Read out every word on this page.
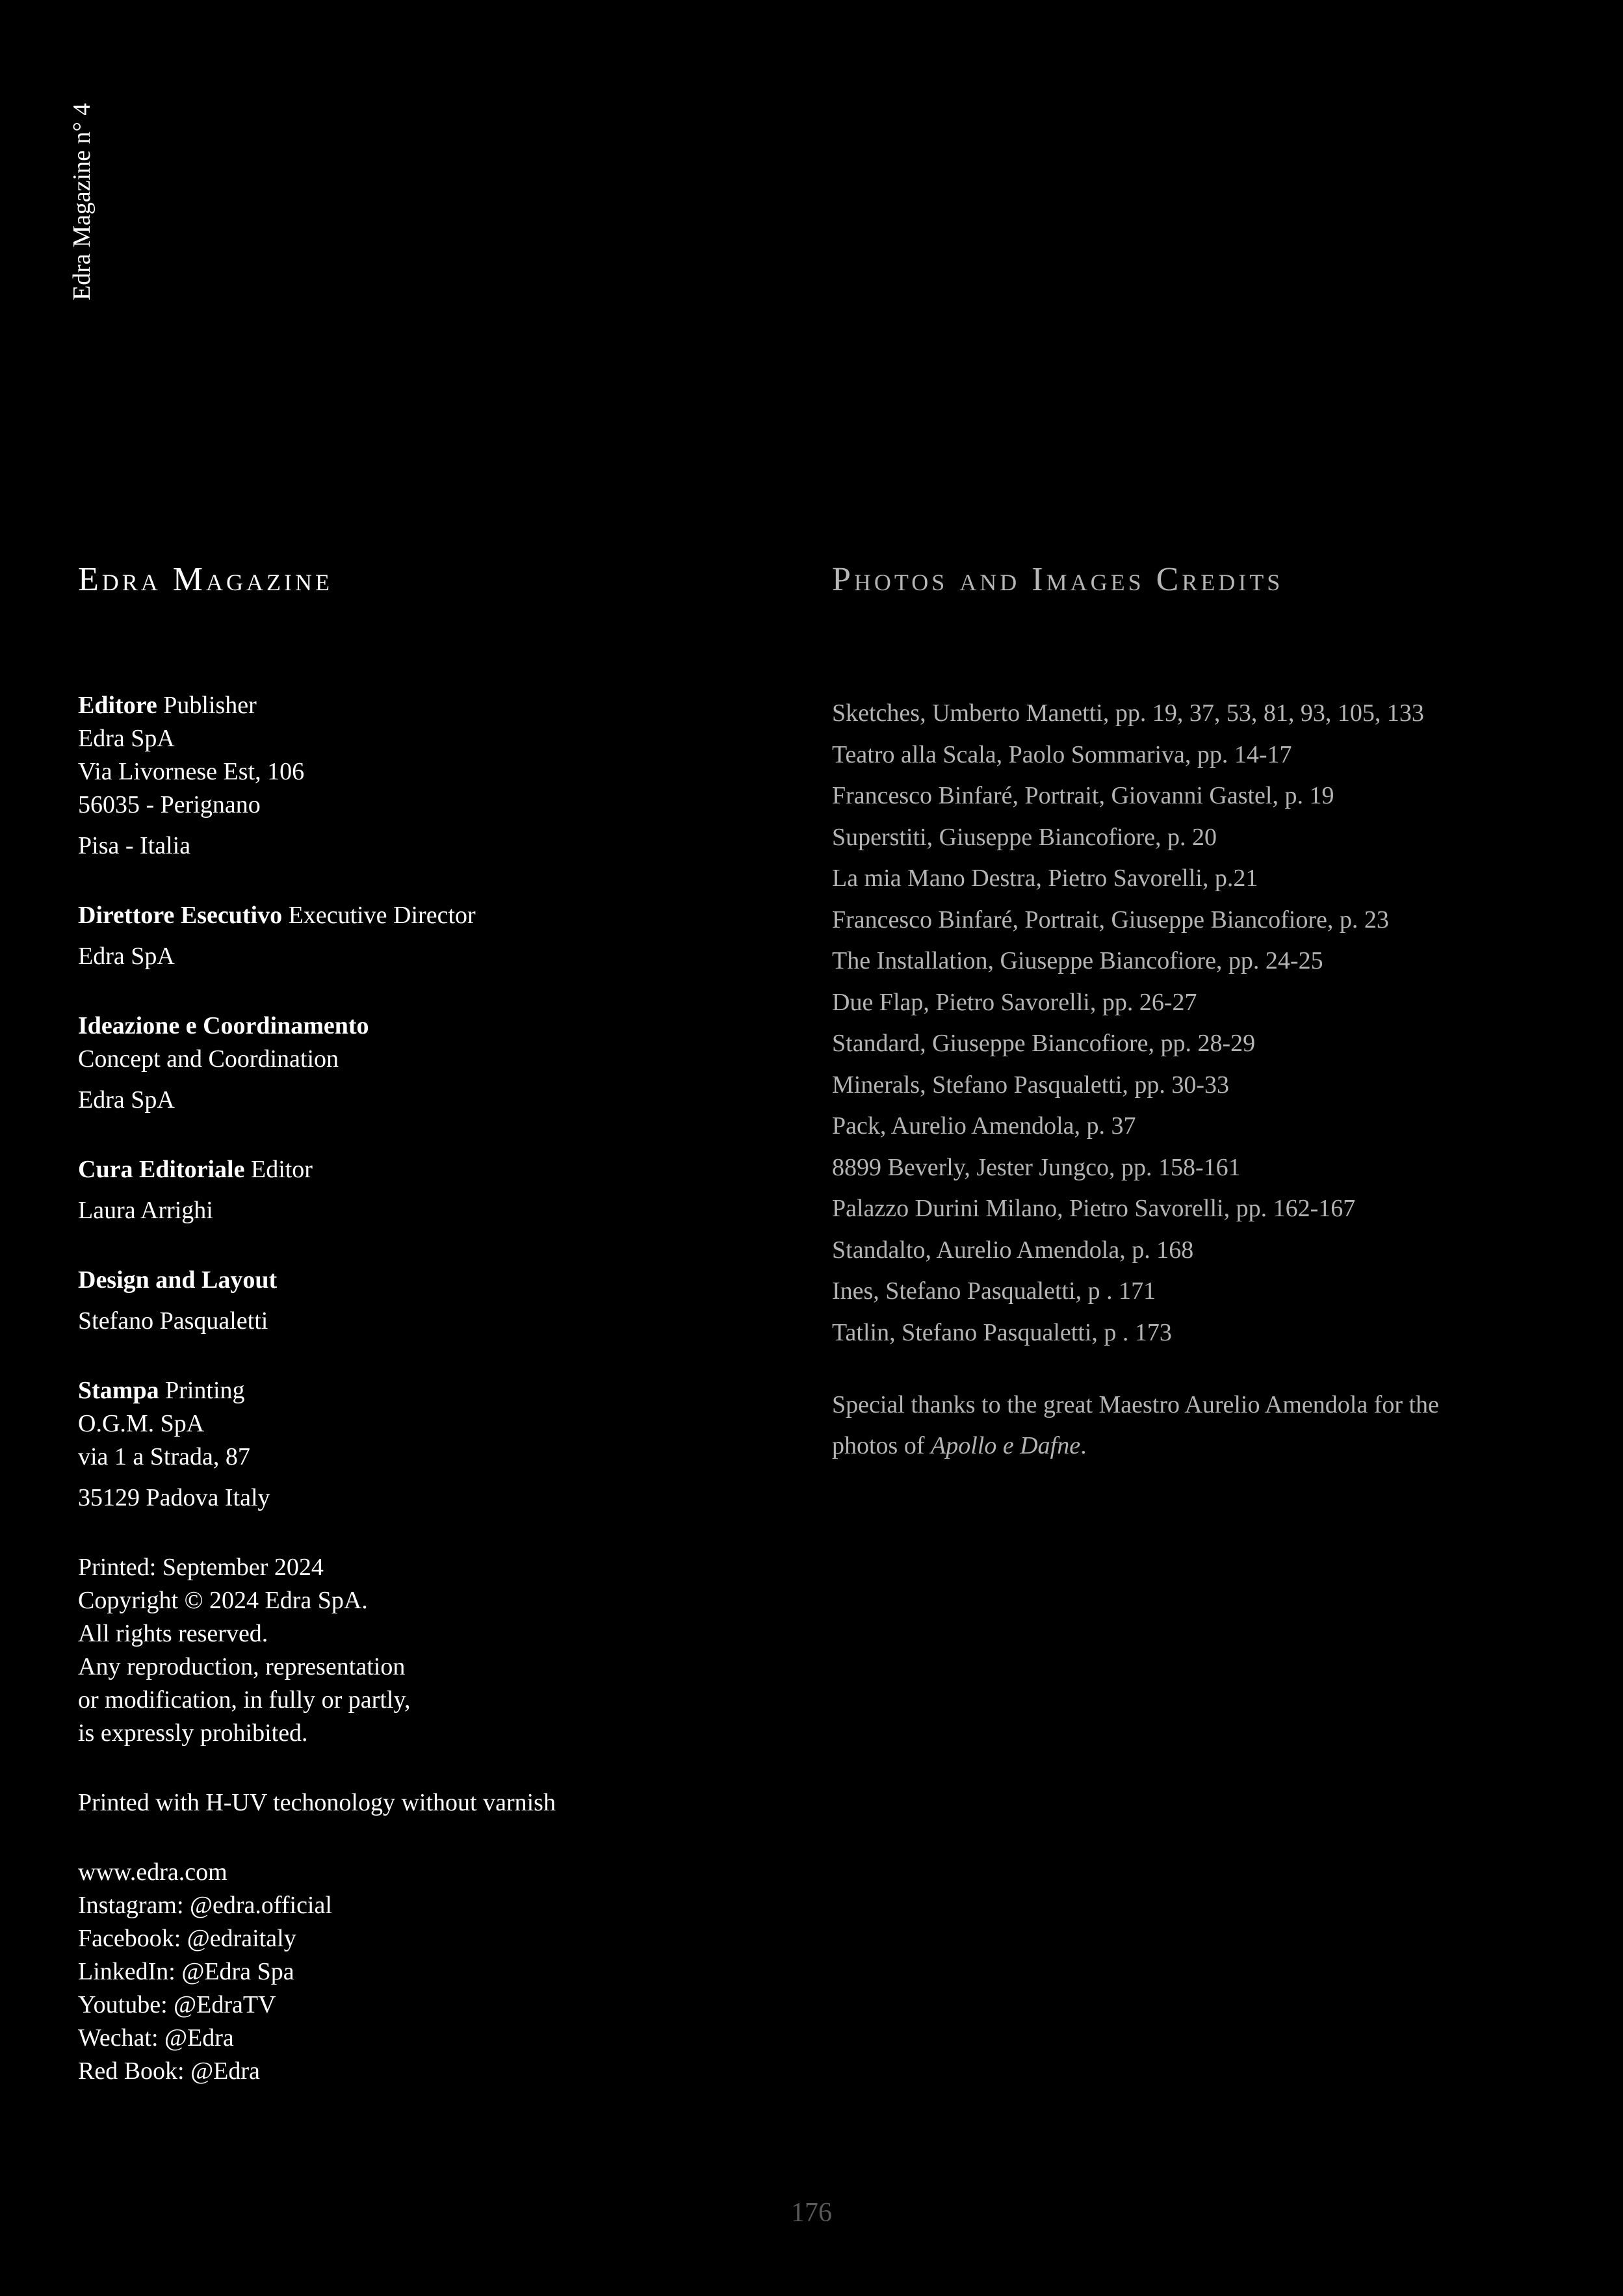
Edra Magazine n° 4
Edra Magazine	Photos and Images Credits
Editore Publisher
Edra SpA
Via Livornese Est, 106
56035 - Perignano
Pisa - Italia
Direttore Esecutivo Executive Director
Edra SpA
Ideazione e Coordinamento
Concept and Coordination
Edra SpA
Cura Editoriale Editor
Laura Arrighi
Design and Layout
Stefano Pasqualetti
Stampa Printing
O.G.M. SpA
via 1 a Strada, 87
35129 Padova Italy
Printed: September 2024
Copyright © 2024 Edra SpA.
All rights reserved.
Any reproduction, representation
or modification, in fully or partly,
is expressly prohibited.
Printed with H-UV techonology without varnish
www.edra.com
Instagram: @edra.official
Facebook: @edraitaly
LinkedIn: @Edra Spa
Youtube: @EdraTV
Wechat: @Edra
Red Book: @Edra
Sketches, Umberto Manetti, pp. 19, 37, 53, 81, 93, 105, 133
Teatro alla Scala, Paolo Sommariva, pp. 14-17
Francesco Binfaré, Portrait, Giovanni Gastel, p. 19
Superstiti, Giuseppe Biancofiore, p. 20
La mia Mano Destra, Pietro Savorelli, p.21
Francesco Binfaré, Portrait, Giuseppe Biancofiore, p. 23
The Installation, Giuseppe Biancofiore, pp. 24-25
Due Flap, Pietro Savorelli, pp. 26-27
Standard, Giuseppe Biancofiore, pp. 28-29
Minerals, Stefano Pasqualetti, pp. 30-33
Pack, Aurelio Amendola, p. 37
8899 Beverly, Jester Jungco, pp. 158-161
Palazzo Durini Milano, Pietro Savorelli, pp. 162-167
Standalto, Aurelio Amendola, p. 168
Ines, Stefano Pasqualetti, p . 171
Tatlin, Stefano Pasqualetti, p . 173
Special thanks to the great Maestro Aurelio Amendola for the
photos of Apollo e Dafne.
176
